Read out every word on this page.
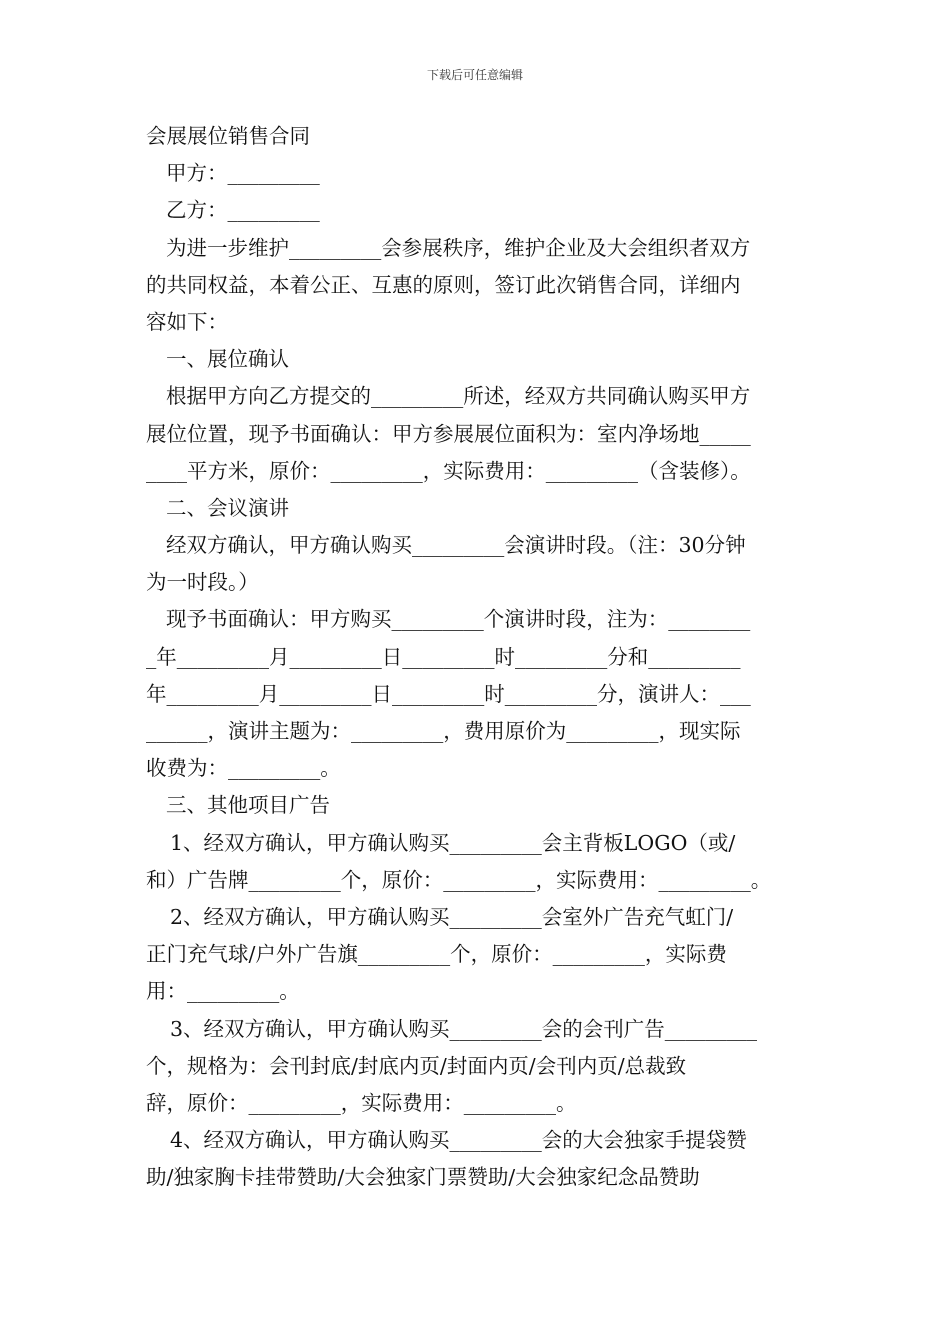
下载后可任意编辑
会展展位销售合同
甲方：_________
乙方：_________
为进一步维护_________会参展秩序，维护企业及大会组织者双方
的共同权益，本着公正、互惠的原则，签订此次销售合同，详细内
容如下：
一、展位确认
根据甲方向乙方提交的_________所述，经双方共同确认购买甲方
展位位置，现予书面确认：甲方参展展位面积为：室内净场地_____
____平方米，原价：_________，实际费用：_________（含装修）。
二、会议演讲
经双方确认，甲方确认购买_________会演讲时段。（注：30分钟
为一时段。）
现予书面确认：甲方购买_________个演讲时段，注为：________
_年_________月_________日_________时_________分和_________
年_________月_________日_________时_________分，演讲人：___
______，演讲主题为：_________，费用原价为_________，现实际
收费为：_________。
三、其他项目广告
1、经双方确认，甲方确认购买_________会主背板LOGO（或/
和）广告牌_________个，原价：_________，实际费用：_________。
2、经双方确认，甲方确认购买_________会室外广告充气虹门/
正门充气球/户外广告旗_________个，原价：_________，实际费
用：_________。
3、经双方确认，甲方确认购买_________会的会刊广告_________
个，规格为：会刊封底/封底内页/封面内页/会刊内页/总裁致
辞，原价：_________，实际费用：_________。
4、经双方确认，甲方确认购买_________会的大会独家手提袋赞
助/独家胸卡挂带赞助/大会独家门票赞助/大会独家纪念品赞助
